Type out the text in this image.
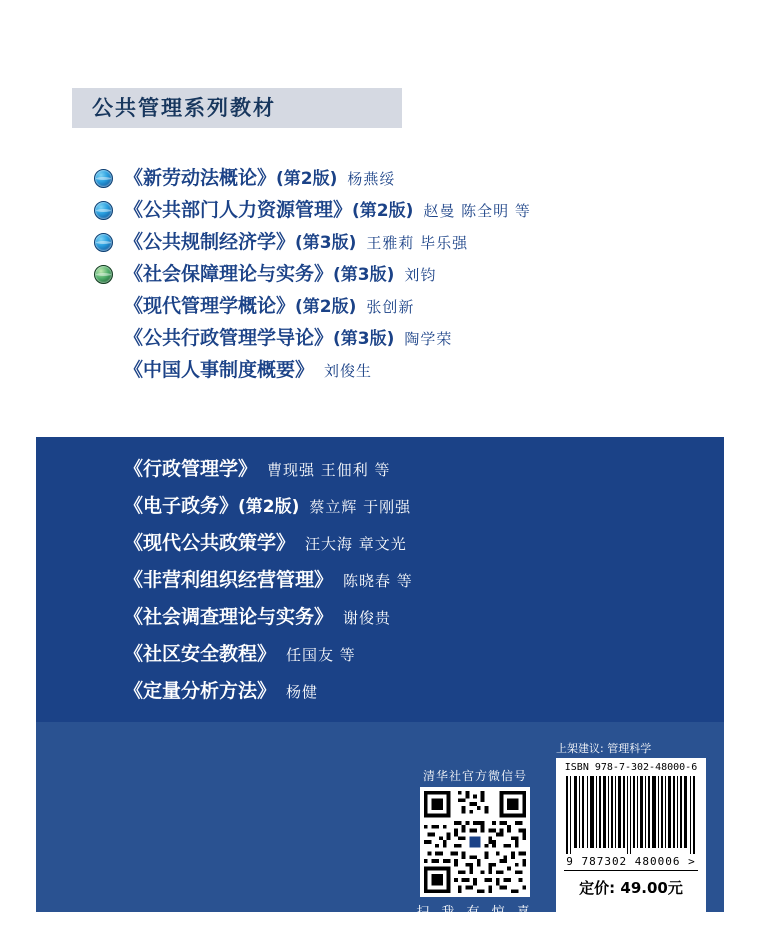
公共管理系列教材
《新劳动法概论》(第2版) 杨燕绥
《公共部门人力资源管理》(第2版) 赵曼 陈全明 等
《公共规制经济学》(第3版) 王雅莉 毕乐强
《社会保障理论与实务》(第3版) 刘钧
《现代管理学概论》(第2版) 张创新
《公共行政管理学导论》(第3版) 陶学荣
《中国人事制度概要》 刘俊生
《行政管理学》 曹现强 王佃利 等
《电子政务》(第2版) 蔡立辉 于刚强
《现代公共政策学》 汪大海 章文光
《非营利组织经营管理》 陈晓春 等
《社会调查理论与实务》 谢俊贵
《社区安全教程》 任国友 等
《定量分析方法》 杨健
清华社官方微信号
扫 我 有 惊 喜
上架建议: 管理科学
ISBN 978-7-302-48000-6
9 787302 480006 >
定价: 49.00元
